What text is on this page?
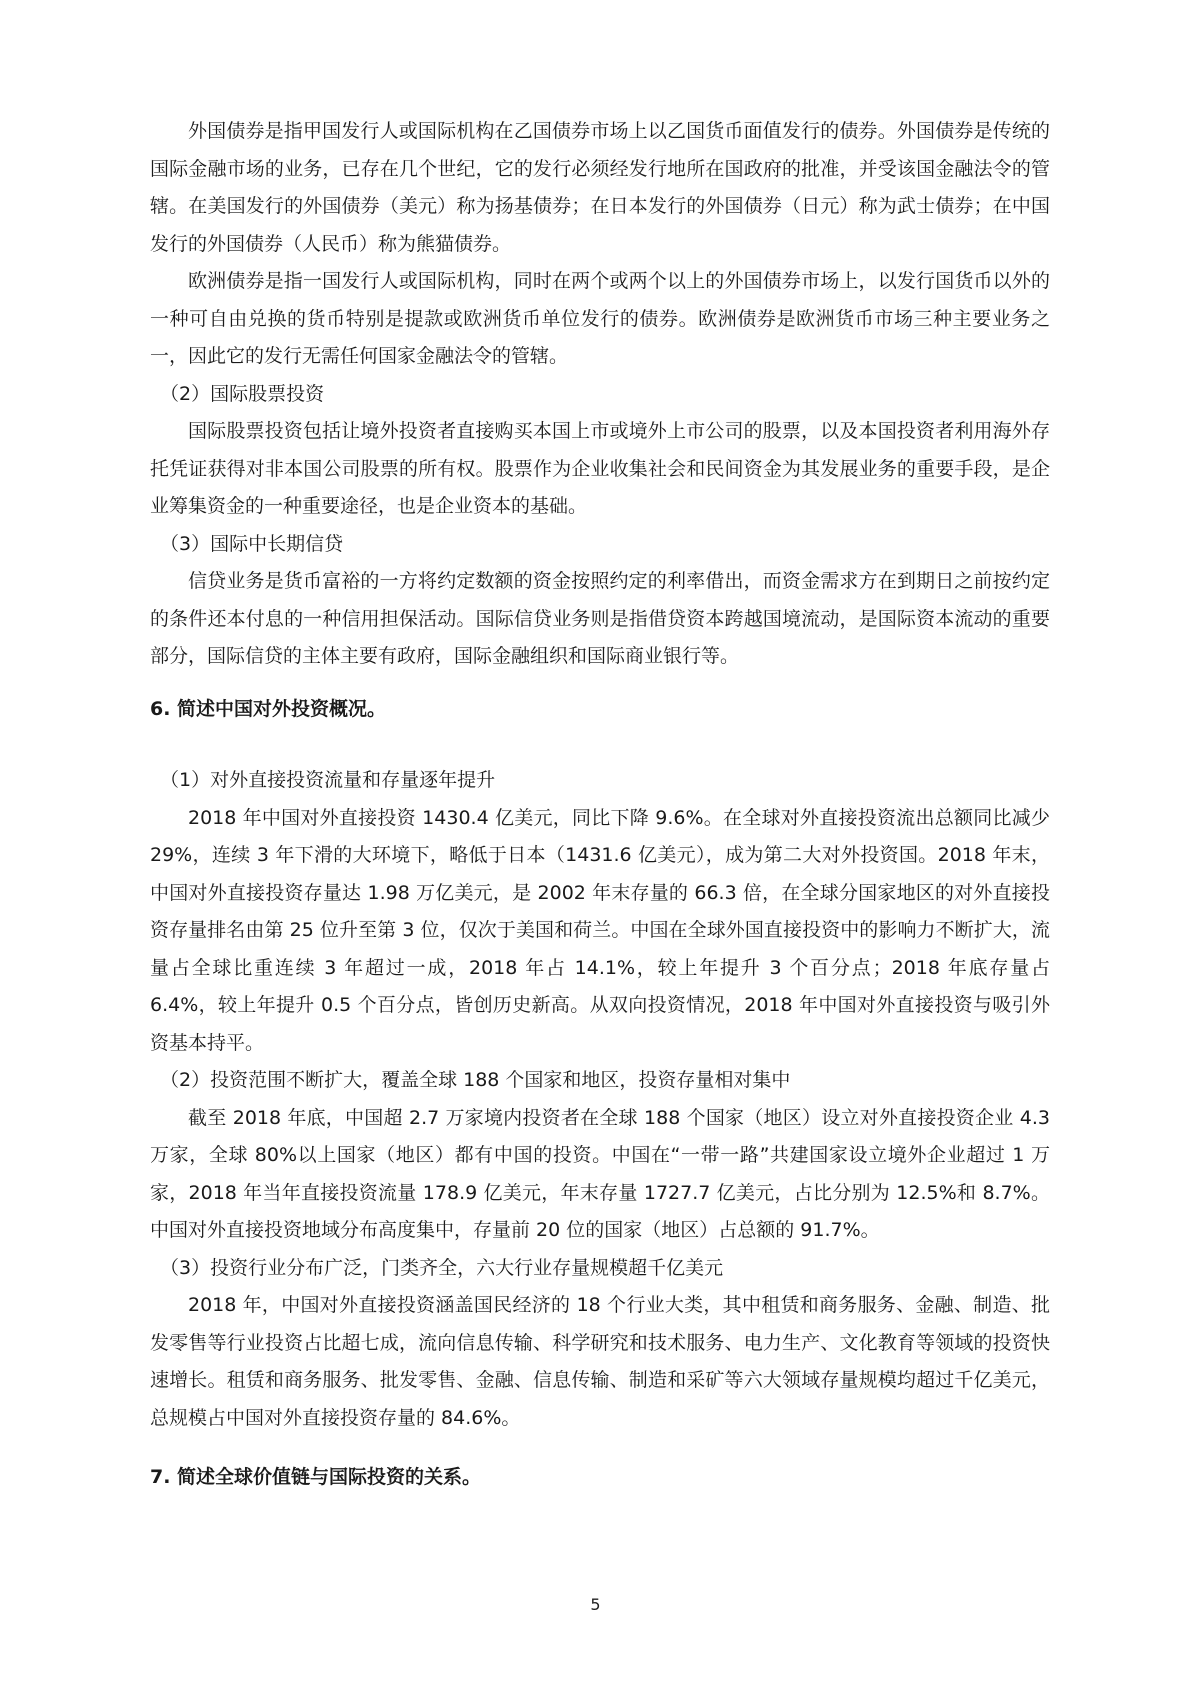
外国债券是指甲国发行人或国际机构在乙国债券市场上以乙国货币面值发行的债券。外国债券是传统的国际金融市场的业务，已存在几个世纪，它的发行必须经发行地所在国政府的批准，并受该国金融法令的管辖。在美国发行的外国债券（美元）称为扬基债券；在日本发行的外国债券（日元）称为武士债券；在中国发行的外国债券（人民币）称为熊猫债券。

欧洲债券是指一国发行人或国际机构，同时在两个或两个以上的外国债券市场上，以发行国货币以外的一种可自由兑换的货币特别是提款或欧洲货币单位发行的债券。欧洲债券是欧洲货币市场三种主要业务之一，因此它的发行无需任何国家金融法令的管辖。

（2）国际股票投资

国际股票投资包括让境外投资者直接购买本国上市或境外上市公司的股票，以及本国投资者利用海外存托凭证获得对非本国公司股票的所有权。股票作为企业收集社会和民间资金为其发展业务的重要手段，是企业筹集资金的一种重要途径，也是企业资本的基础。

（3）国际中长期信贷

信贷业务是货币富裕的一方将约定数额的资金按照约定的利率借出，而资金需求方在到期日之前按约定的条件还本付息的一种信用担保活动。国际信贷业务则是指借贷资本跨越国境流动，是国际资本流动的重要部分，国际信贷的主体主要有政府，国际金融组织和国际商业银行等。

6. 简述中国对外投资概况。

（1）对外直接投资流量和存量逐年提升

2018 年中国对外直接投资 1430.4 亿美元，同比下降 9.6%。在全球对外直接投资流出总额同比减少 29%，连续 3 年下滑的大环境下，略低于日本（1431.6 亿美元），成为第二大对外投资国。2018 年末，中国对外直接投资存量达 1.98 万亿美元，是 2002 年末存量的 66.3 倍，在全球分国家地区的对外直接投资存量排名由第 25 位升至第 3 位，仅次于美国和荷兰。中国在全球外国直接投资中的影响力不断扩大，流量占全球比重连续 3 年超过一成，2018 年占 14.1%，较上年提升 3 个百分点；2018 年底存量占 6.4%，较上年提升 0.5 个百分点，皆创历史新高。从双向投资情况，2018 年中国对外直接投资与吸引外资基本持平。

（2）投资范围不断扩大，覆盖全球 188 个国家和地区，投资存量相对集中

截至 2018 年底，中国超 2.7 万家境内投资者在全球 188 个国家（地区）设立对外直接投资企业 4.3 万家，全球 80%以上国家（地区）都有中国的投资。中国在“一带一路”共建国家设立境外企业超过 1 万家，2018 年当年直接投资流量 178.9 亿美元，年末存量 1727.7 亿美元，占比分别为 12.5%和 8.7%。中国对外直接投资地域分布高度集中，存量前 20 位的国家（地区）占总额的 91.7%。

（3）投资行业分布广泛，门类齐全，六大行业存量规模超千亿美元

2018 年，中国对外直接投资涵盖国民经济的 18 个行业大类，其中租赁和商务服务、金融、制造、批发零售等行业投资占比超七成，流向信息传输、科学研究和技术服务、电力生产、文化教育等领域的投资快速增长。租赁和商务服务、批发零售、金融、信息传输、制造和采矿等六大领域存量规模均超过千亿美元，总规模占中国对外直接投资存量的 84.6%。

7. 简述全球价值链与国际投资的关系。

5
